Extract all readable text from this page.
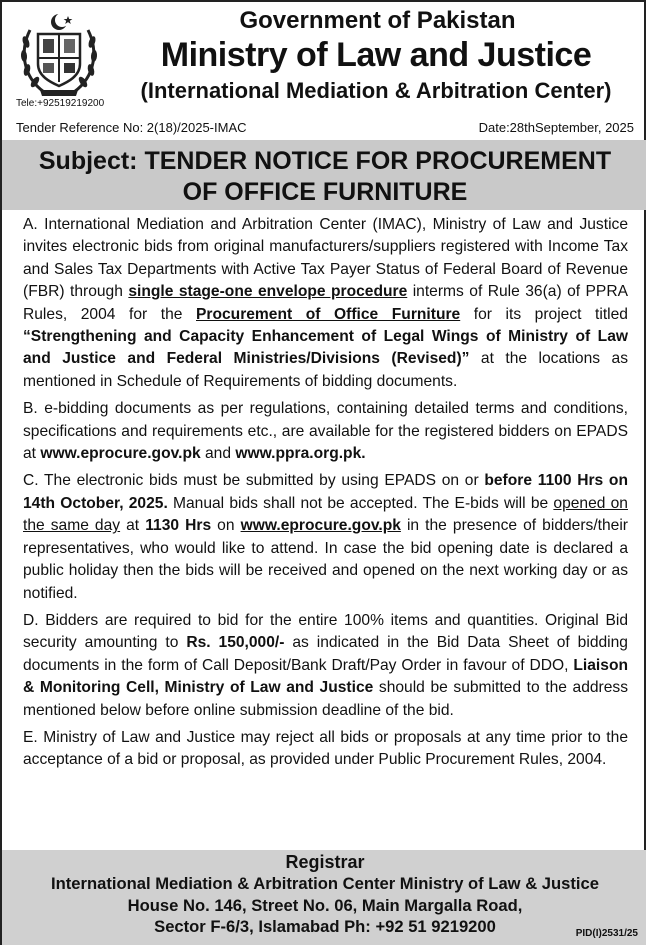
Tele:+92519219200
Government of Pakistan
Ministry of Law and Justice
(International Mediation & Arbitration Center)
Tender Reference No: 2(18)/2025-IMAC	Date:28thSeptember, 2025
Subject: TENDER NOTICE FOR PROCUREMENT
OF OFFICE FURNITURE

A. International Mediation and Arbitration Center (IMAC), Ministry of Law and Justice invites electronic bids from original manufacturers/suppliers registered with Income Tax and Sales Tax Departments with Active Tax Payer Status of Federal Board of Revenue (FBR) through single stage-one envelope procedure interms of Rule 36(a) of PPRA Rules, 2004 for the Procurement of Office Furniture for its project titled “Strengthening and Capacity Enhancement of Legal Wings of Ministry of Law and Justice and Federal Ministries/Divisions (Revised)” at the locations as mentioned in Schedule of Requirements of bidding documents.

B. e-bidding documents as per regulations, containing detailed terms and conditions, specifications and requirements etc., are available for the registered bidders on EPADS at www.eprocure.gov.pk and www.ppra.org.pk.

C. The electronic bids must be submitted by using EPADS on or before 1100 Hrs on 14th October, 2025. Manual bids shall not be accepted. The E-bids will be opened on the same day at 1130 Hrs on www.eprocure.gov.pk in the presence of bidders/their representatives, who would like to attend. In case the bid opening date is declared a public holiday then the bids will be received and opened on the next working day or as notified.

D. Bidders are required to bid for the entire 100% items and quantities. Original Bid security amounting to Rs. 150,000/- as indicated in the Bid Data Sheet of bidding documents in the form of Call Deposit/Bank Draft/Pay Order in favour of DDO, Liaison & Monitoring Cell, Ministry of Law and Justice should be submitted to the address mentioned below before online submission deadline of the bid.

E. Ministry of Law and Justice may reject all bids or proposals at any time prior to the acceptance of a bid or proposal, as provided under Public Procurement Rules, 2004.

Registrar
International Mediation & Arbitration Center Ministry of Law & Justice
House No. 146, Street No. 06, Main Margalla Road,
Sector F-6/3, Islamabad Ph: +92 51 9219200	PID(I)2531/25
